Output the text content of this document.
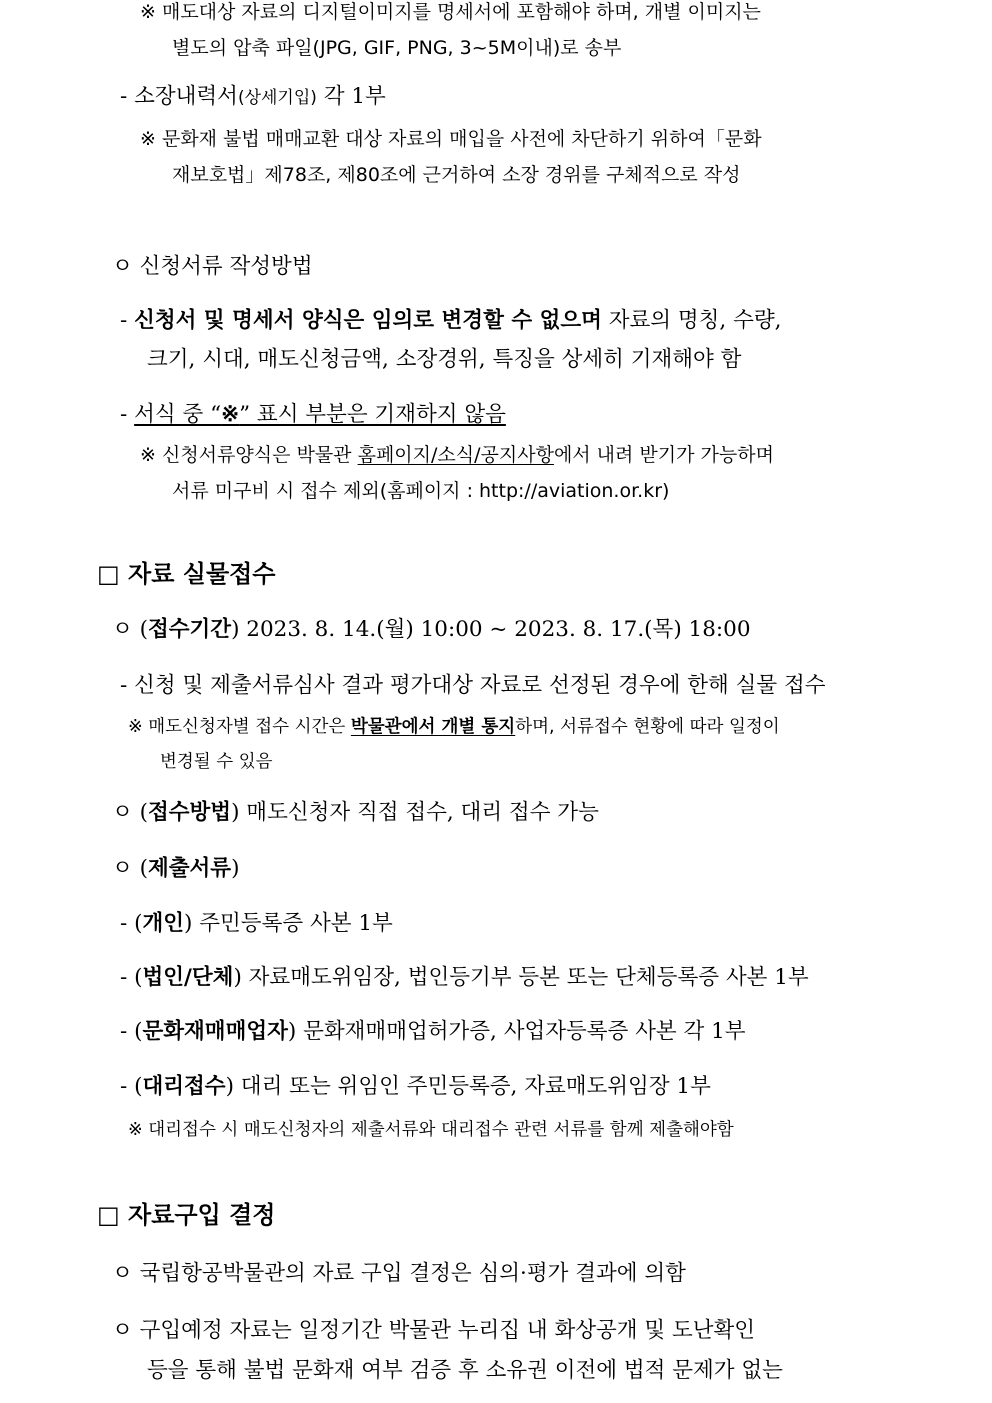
※ 매도대상 자료의 디지털이미지를 명세서에 포함해야 하며, 개별 이미지는
별도의 압축 파일(JPG, GIF, PNG, 3~5M이내)로 송부
- 소장내력서(상세기입) 각 1부
※ 문화재 불법 매매교환 대상 자료의 매입을 사전에 차단하기 위하여「문화
재보호법」제78조, 제80조에 근거하여 소장 경위를 구체적으로 작성
ㅇ 신청서류 작성방법
- 신청서 및 명세서 양식은 임의로 변경할 수 없으며 자료의 명칭, 수량,
크기, 시대, 매도신청금액, 소장경위, 특징을 상세히 기재해야 함
- 서식 중 “※” 표시 부분은 기재하지 않음
※ 신청서류양식은 박물관 홈페이지/소식/공지사항에서 내려 받기가 가능하며
서류 미구비 시 접수 제외(홈페이지 : http://aviation.or.kr)
□ 자료 실물접수
ㅇ (접수기간) 2023. 8. 14.(월) 10:00 ~ 2023. 8. 17.(목) 18:00
- 신청 및 제출서류심사 결과 평가대상 자료로 선정된 경우에 한해 실물 접수
※ 매도신청자별 접수 시간은 박물관에서 개별 통지하며, 서류접수 현황에 따라 일정이
변경될 수 있음
ㅇ (접수방법) 매도신청자 직접 접수, 대리 접수 가능
ㅇ (제출서류)
- (개인) 주민등록증 사본 1부
- (법인/단체) 자료매도위임장, 법인등기부 등본 또는 단체등록증 사본 1부
- (문화재매매업자) 문화재매매업허가증, 사업자등록증 사본 각 1부
- (대리접수) 대리 또는 위임인 주민등록증, 자료매도위임장 1부
※ 대리접수 시 매도신청자의 제출서류와 대리접수 관련 서류를 함께 제출해야함
□ 자료구입 결정
ㅇ 국립항공박물관의 자료 구입 결정은 심의·평가 결과에 의함
ㅇ 구입예정 자료는 일정기간 박물관 누리집 내 화상공개 및 도난확인
등을 통해 불법 문화재 여부 검증 후 소유권 이전에 법적 문제가 없는
